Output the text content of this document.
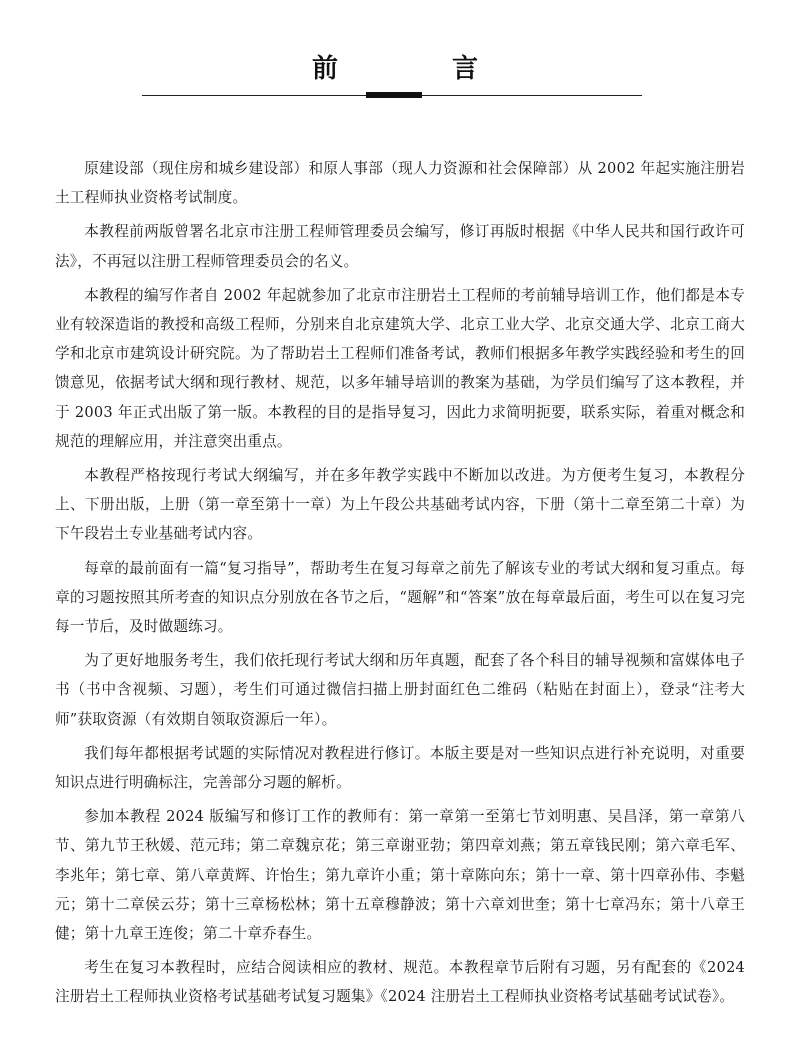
前　言

原建设部（现住房和城乡建设部）和原人事部（现人力资源和社会保障部）从 2002 年起实施注册岩土工程师执业资格考试制度。

本教程前两版曾署名北京市注册工程师管理委员会编写，修订再版时根据《中华人民共和国行政许可法》，不再冠以注册工程师管理委员会的名义。

本教程的编写作者自 2002 年起就参加了北京市注册岩土工程师的考前辅导培训工作，他们都是本专业有较深造诣的教授和高级工程师，分别来自北京建筑大学、北京工业大学、北京交通大学、北京工商大学和北京市建筑设计研究院。为了帮助岩土工程师们准备考试，教师们根据多年教学实践经验和考生的回馈意见，依据考试大纲和现行教材、规范，以多年辅导培训的教案为基础，为学员们编写了这本教程，并于 2003 年正式出版了第一版。本教程的目的是指导复习，因此力求简明扼要，联系实际，着重对概念和规范的理解应用，并注意突出重点。

本教程严格按现行考试大纲编写，并在多年教学实践中不断加以改进。为方便考生复习，本教程分上、下册出版，上册（第一章至第十一章）为上午段公共基础考试内容，下册（第十二章至第二十章）为下午段岩土专业基础考试内容。

每章的最前面有一篇“复习指导”，帮助考生在复习每章之前先了解该专业的考试大纲和复习重点。每章的习题按照其所考查的知识点分别放在各节之后，“题解”和“答案”放在每章最后面，考生可以在复习完每一节后，及时做题练习。

为了更好地服务考生，我们依托现行考试大纲和历年真题，配套了各个科目的辅导视频和富媒体电子书（书中含视频、习题），考生们可通过微信扫描上册封面红色二维码（粘贴在封面上），登录“注考大师”获取资源（有效期自领取资源后一年）。

我们每年都根据考试题的实际情况对教程进行修订。本版主要是对一些知识点进行补充说明，对重要知识点进行明确标注，完善部分习题的解析。

参加本教程 2024 版编写和修订工作的教师有：第一章第一至第七节刘明惠、吴昌泽，第一章第八节、第九节王秋媛、范元玮；第二章魏京花；第三章谢亚勃；第四章刘燕；第五章钱民刚；第六章毛军、李兆年；第七章、第八章黄辉、许怡生；第九章许小重；第十章陈向东；第十一章、第十四章孙伟、李魁元；第十二章侯云芬；第十三章杨松林；第十五章穆静波；第十六章刘世奎；第十七章冯东；第十八章王健；第十九章王连俊；第二十章乔春生。

考生在复习本教程时，应结合阅读相应的教材、规范。本教程章节后附有习题，另有配套的《2024 注册岩土工程师执业资格考试基础考试复习题集》《2024 注册岩土工程师执业资格考试基础考试试卷》。
